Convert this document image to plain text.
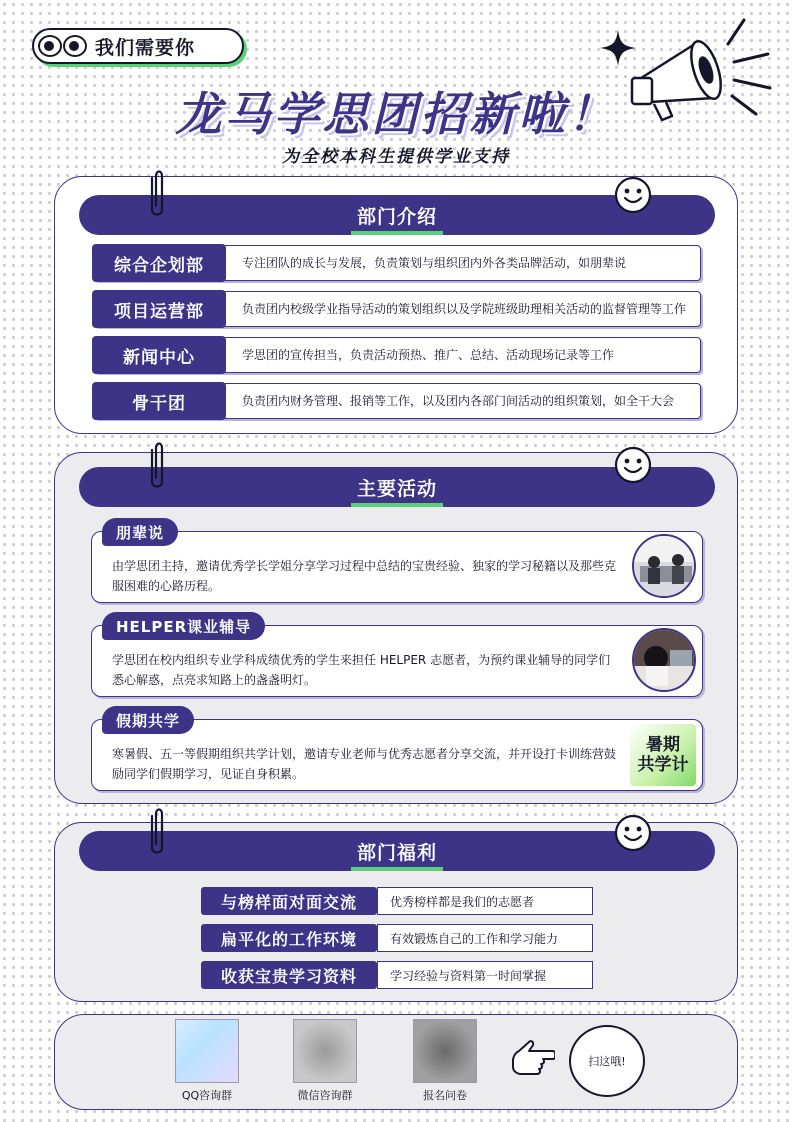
我们需要你
龙马学思团招新啦！
为全校本科生提供学业支持
部门介绍
综合企划部	专注团队的成长与发展，负责策划与组织团内外各类品牌活动，如朋辈说
项目运营部	负责团内校级学业指导活动的策划组织以及学院班级助理相关活动的监督管理等工作
新闻中心	学思团的宣传担当，负责活动预热、推广、总结、活动现场记录等工作
骨干团	负责团内财务管理、报销等工作，以及团内各部门间活动的组织策划，如全干大会
主要活动
朋辈说
由学思团主持，邀请优秀学长学姐分享学习过程中总结的宝贵经验、独家的学习秘籍以及那些克服困难的心路历程。
HELPER课业辅导
学思团在校内组织专业学科成绩优秀的学生来担任 HELPER 志愿者，为预约课业辅导的同学们悉心解惑，点亮求知路上的盏盏明灯。
假期共学
寒暑假、五一等假期组织共学计划，邀请专业老师与优秀志愿者分享交流，并开设打卡训练营鼓励同学们假期学习，见证自身积累。
暑期
共学计
部门福利
与榜样面对面交流	优秀榜样都是我们的志愿者
扁平化的工作环境	有效锻炼自己的工作和学习能力
收获宝贵学习资料	学习经验与资料第一时间掌握
QQ咨询群	微信咨询群	报名问卷
扫这哦!
